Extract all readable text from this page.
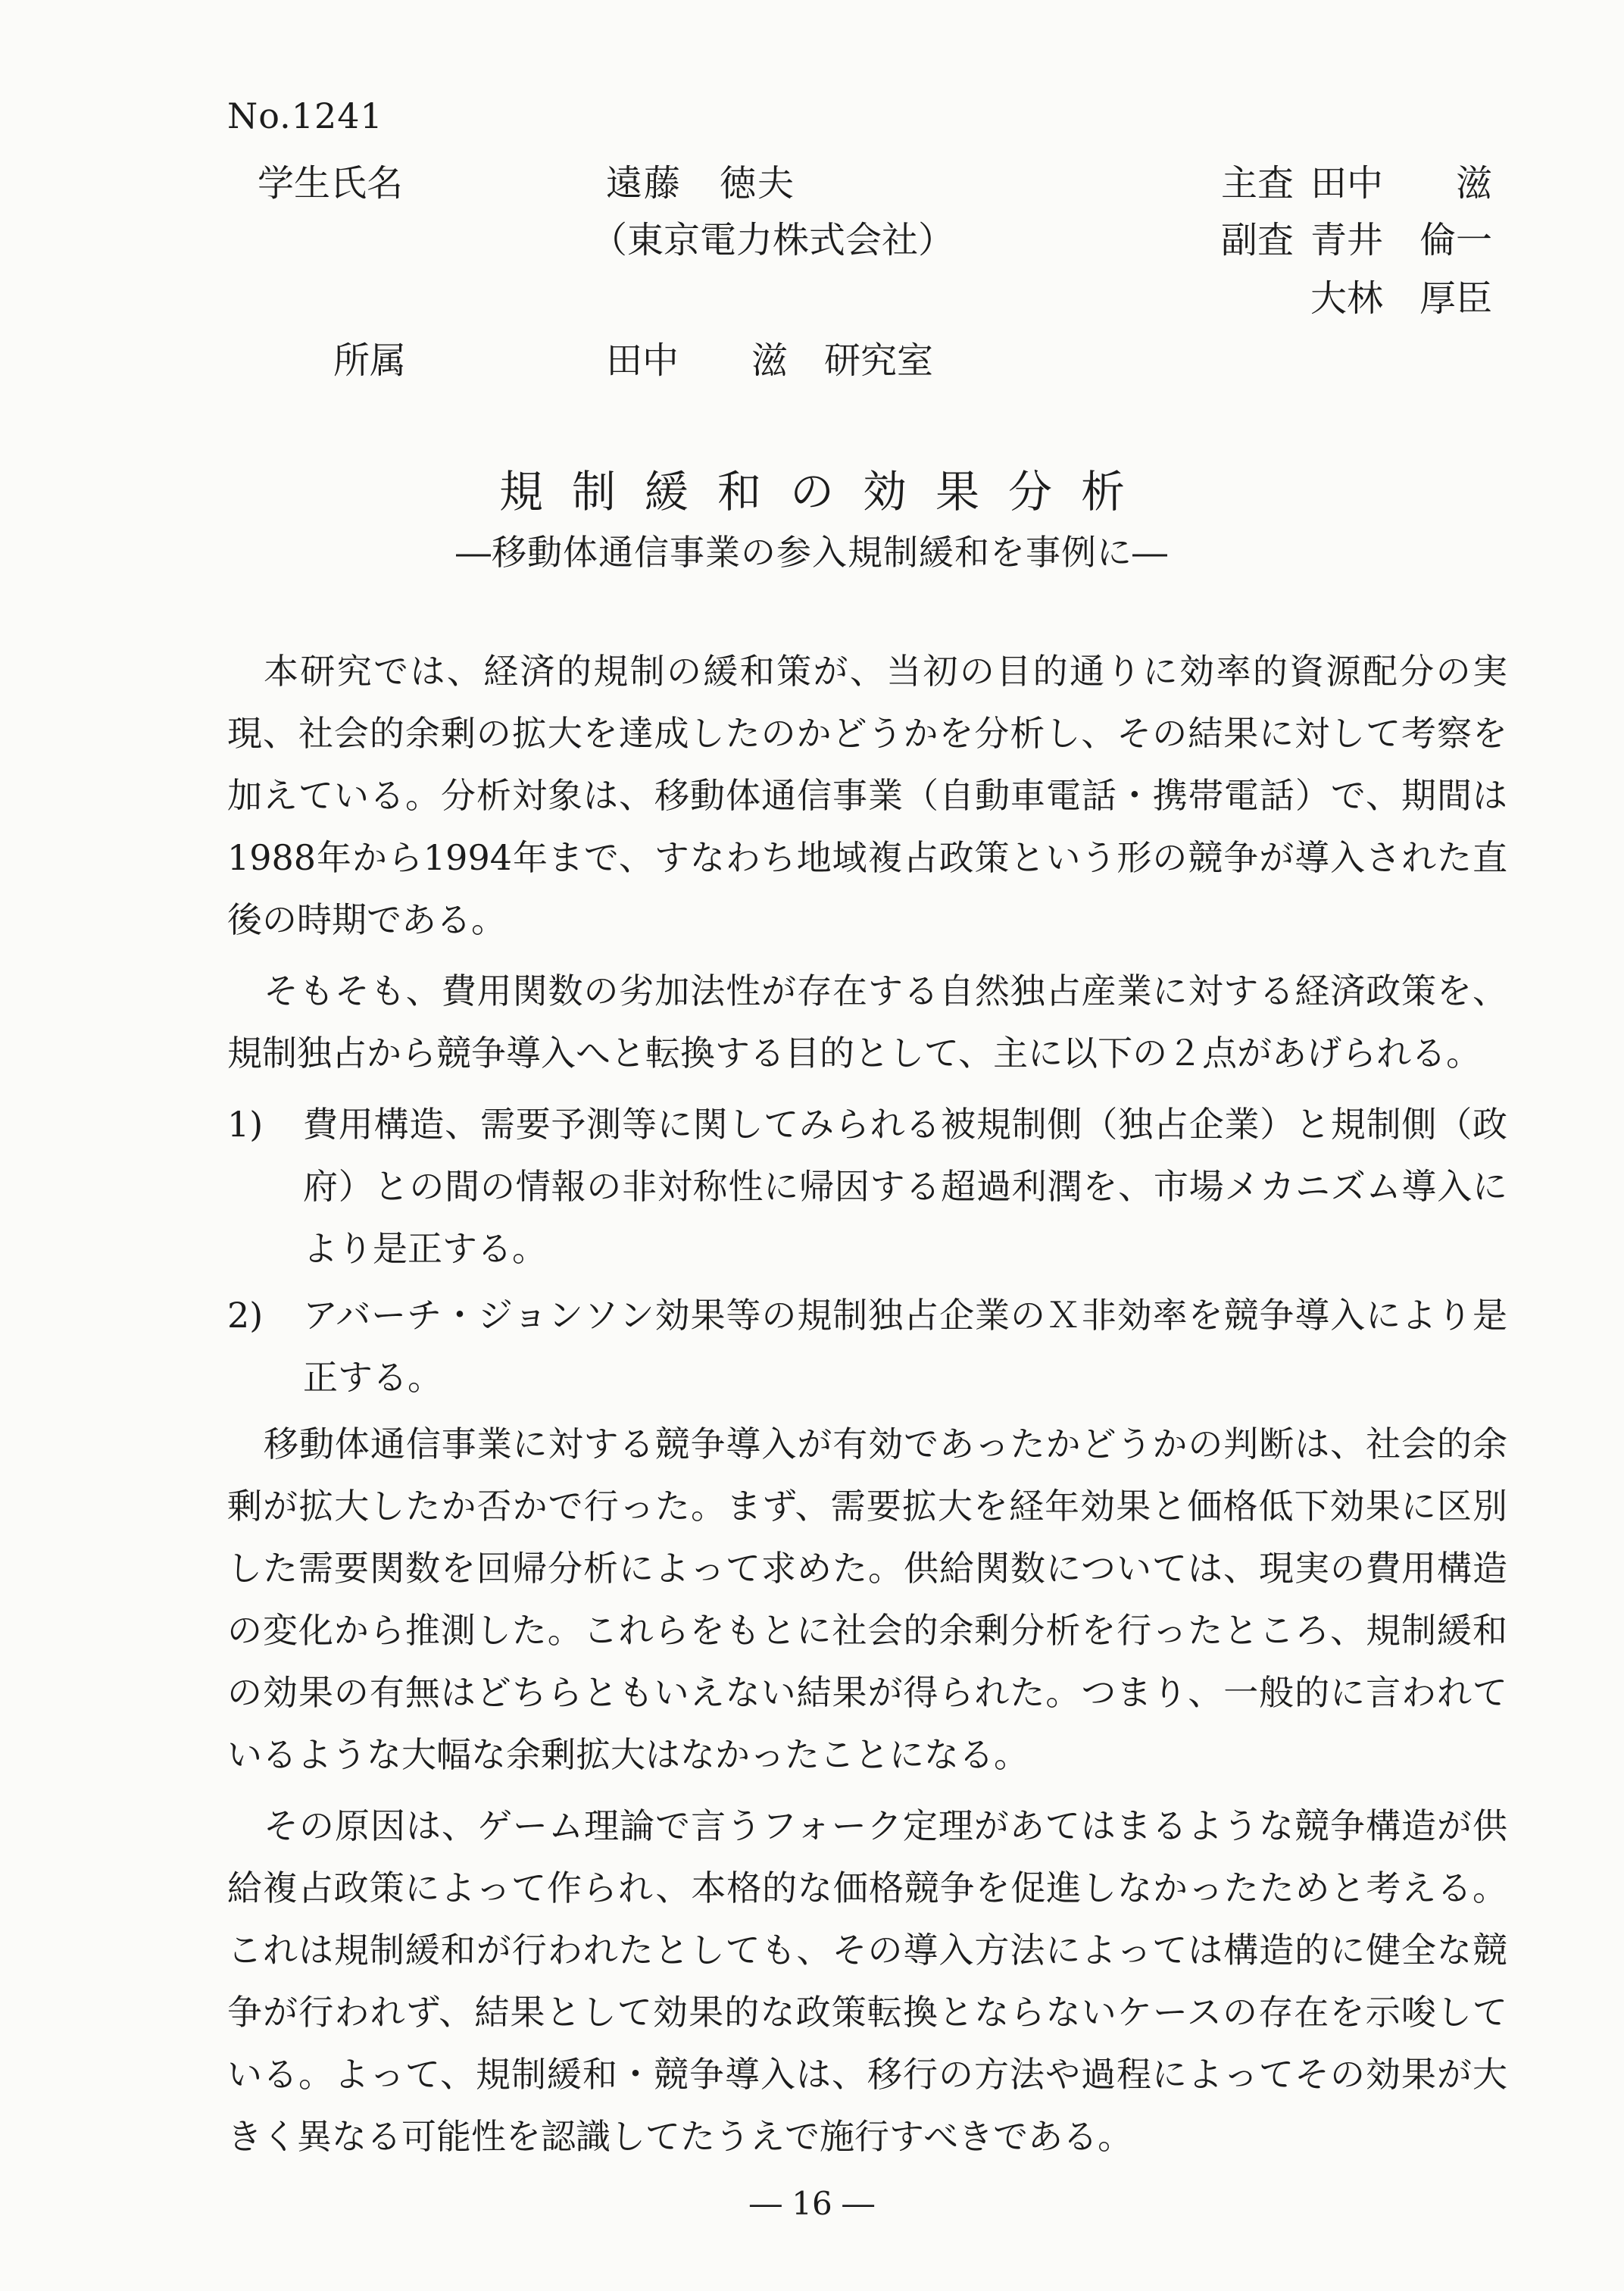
No.1241
学生氏名	遠藤　徳夫
（東京電力株式会社）
所属	田中　　滋　研究室
主査 田中　　滋
副査 青井　倫一
大林　厚臣
規制緩和の効果分析
―移動体通信事業の参入規制緩和を事例に―

本研究では、経済的規制の緩和策が、当初の目的通りに効率的資源配分の実現、社会的余剰の拡大を達成したのかどうかを分析し、その結果に対して考察を加えている。分析対象は、移動体通信事業（自動車電話・携帯電話）で、期間は1988年から1994年まで、すなわち地域複占政策という形の競争が導入された直後の時期である。

そもそも、費用関数の劣加法性が存在する自然独占産業に対する経済政策を、規制独占から競争導入へと転換する目的として、主に以下の２点があげられる。

1) 費用構造、需要予測等に関してみられる被規制側（独占企業）と規制側（政府）との間の情報の非対称性に帰因する超過利潤を、市場メカニズム導入により是正する。
2) アバーチ・ジョンソン効果等の規制独占企業のＸ非効率を競争導入により是正する。

移動体通信事業に対する競争導入が有効であったかどうかの判断は、社会的余剰が拡大したか否かで行った。まず、需要拡大を経年効果と価格低下効果に区別した需要関数を回帰分析によって求めた。供給関数については、現実の費用構造の変化から推測した。これらをもとに社会的余剰分析を行ったところ、規制緩和の効果の有無はどちらともいえない結果が得られた。つまり、一般的に言われているような大幅な余剰拡大はなかったことになる。

その原因は、ゲーム理論で言うフォーク定理があてはまるような競争構造が供給複占政策によって作られ、本格的な価格競争を促進しなかったためと考える。これは規制緩和が行われたとしても、その導入方法によっては構造的に健全な競争が行われず、結果として効果的な政策転換とならないケースの存在を示唆している。よって、規制緩和・競争導入は、移行の方法や過程によってその効果が大きく異なる可能性を認識してたうえで施行すべきである。

― 16 ―
